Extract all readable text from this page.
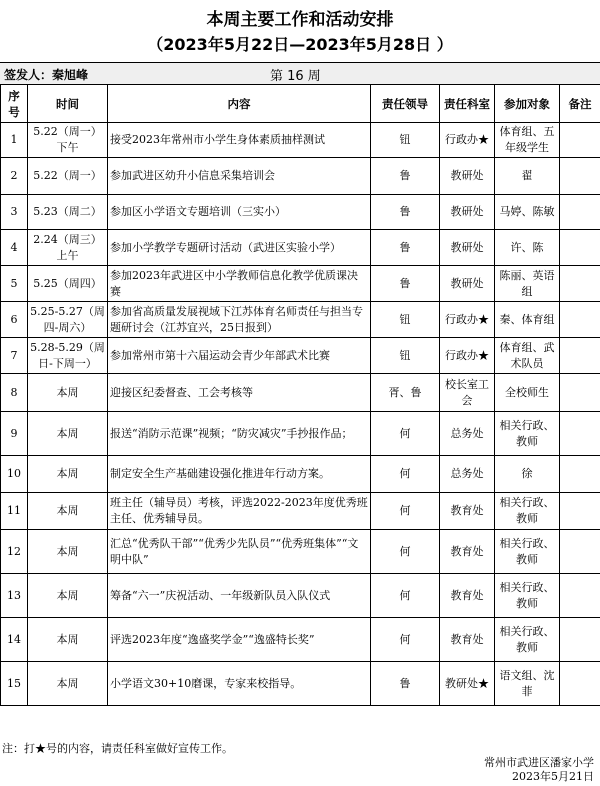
本周主要工作和活动安排
（2023年5月22日—2023年5月28日 ）
签发人：秦旭峰	第 16 周
序号	时间	内容	责任领导	责任科室	参加对象	备注
1	5.22（周一）下午	接受2023年常州市小学生身体素质抽样测试	钮	行政办★	体育组、五年级学生	
2	5.22（周一）	参加武进区幼升小信息采集培训会	鲁	教研处	翟	
3	5.23（周二）	参加区小学语文专题培训（三实小）	鲁	教研处	马婷、陈敏	
4	2.24（周三）上午	参加小学教学专题研讨活动（武进区实验小学）	鲁	教研处	许、陈	
5	5.25（周四）	参加2023年武进区中小学教师信息化教学优质课决赛	鲁	教研处	陈丽、英语组	
6	5.25-5.27（周四-周六）	参加省高质量发展视域下江苏体育名师责任与担当专题研讨会（江苏宜兴，25日报到）	钮	行政办★	秦、体育组	
7	5.28-5.29（周日-下周一）	参加常州市第十六届运动会青少年部武术比赛	钮	行政办★	体育组、武术队员	
8	本周	迎接区纪委督查、工会考核等	胥、鲁	校长室工会	全校师生	
9	本周	报送“消防示范课”视频；“防灾减灾”手抄报作品；	何	总务处	相关行政、教师	
10	本周	制定安全生产基础建设强化推进年行动方案。	何	总务处	徐	
11	本周	班主任（辅导员）考核，评选2022-2023年度优秀班主任、优秀辅导员。	何	教育处	相关行政、教师	
12	本周	汇总“优秀队干部”“优秀少先队员”“优秀班集体”“文明中队”	何	教育处	相关行政、教师	
13	本周	筹备“六一”庆祝活动、一年级新队员入队仪式	何	教育处	相关行政、教师	
14	本周	评选2023年度“逸盛奖学金”“逸盛特长奖”	何	教育处	相关行政、教师	
15	本周	小学语文30+10磨课，专家来校指导。	鲁	教研处★	语文组、沈菲	
注：打★号的内容，请责任科室做好宣传工作。
常州市武进区潘家小学
2023年5月21日
